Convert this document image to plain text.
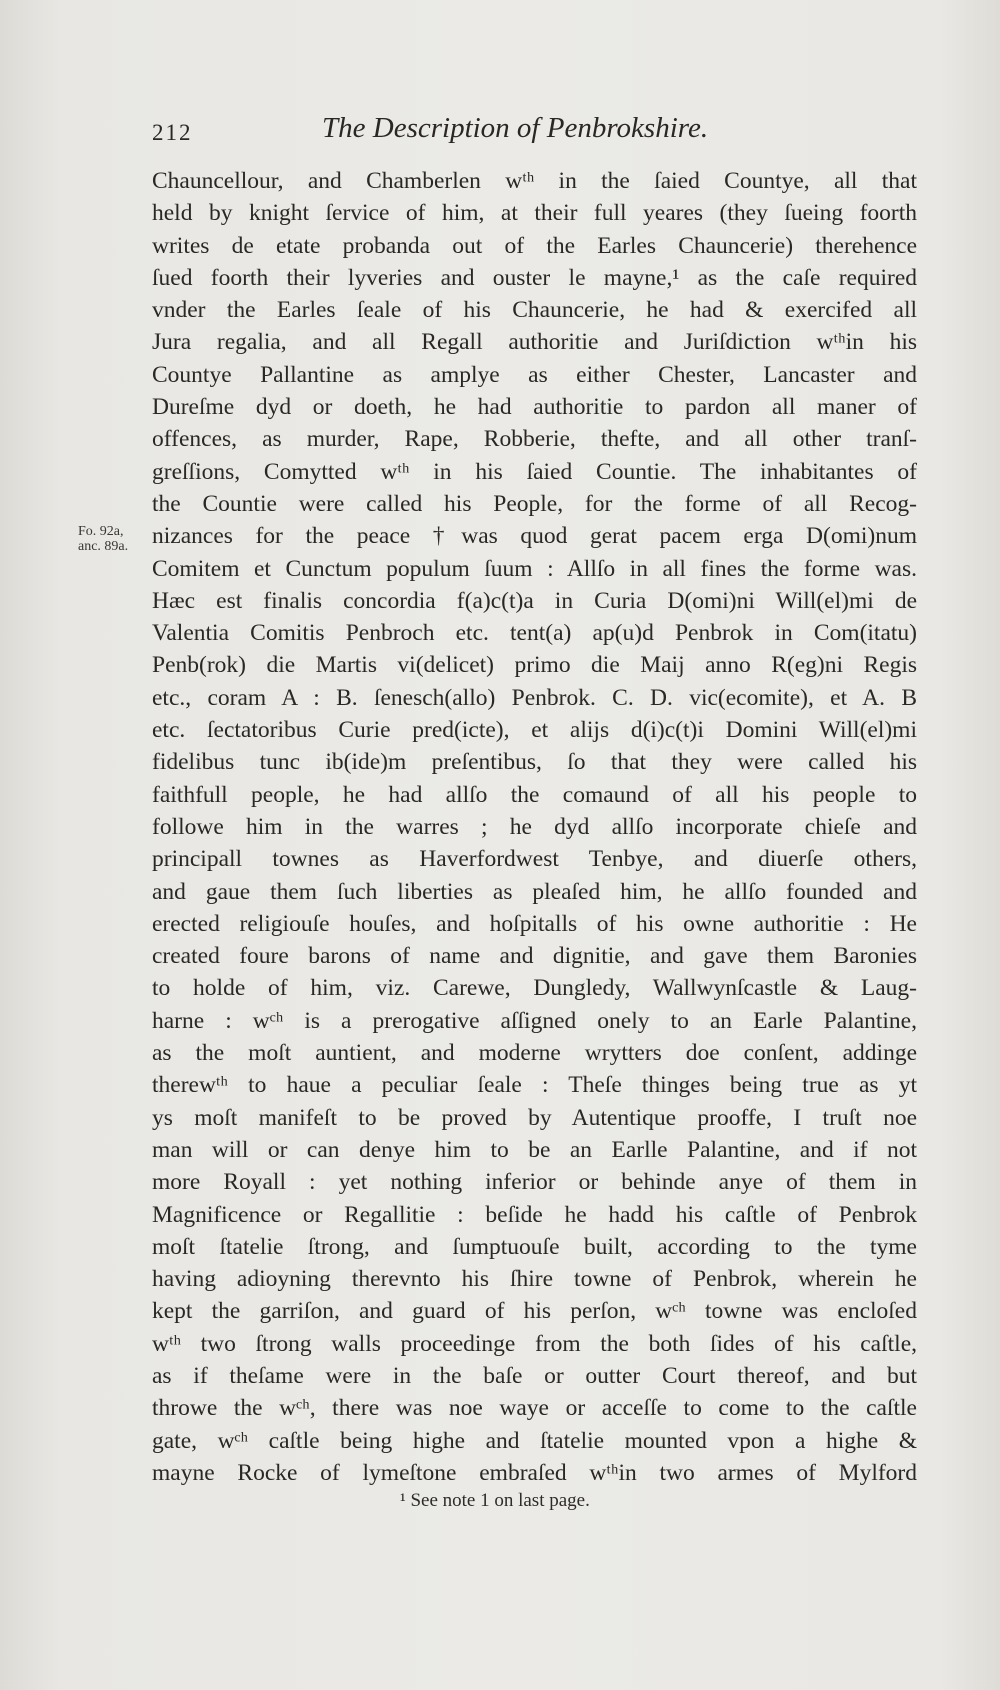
212	The Description of Penbrokshire.
Fo. 92a,
anc. 89a.
Chauncellour, and Chamberlen wᵗʰ in the ſaied Countye, all that
held by knight ſervice of him, at their full yeares (they ſueing foorth
writes de etate probanda out of the Earles Chauncerie) therehence
ſued foorth their lyveries and ouster le mayne,¹ as the caſe required
vnder the Earles ſeale of his Chauncerie, he had & exercifed all
Jura regalia, and all Regall authoritie and Juriſdiction wᵗʰin his
Countye Pallantine as amplye as either Chester, Lancaster and
Dureſme dyd or doeth, he had authoritie to pardon all maner of
offences, as murder, Rape, Robberie, thefte, and all other tranſ-
greſſions, Comytted wᵗʰ in his ſaied Countie. The inhabitantes of
the Countie were called his People, for the forme of all Recog-
nizances for the peace †was quod gerat pacem erga D(omi)num
Comitem et Cunctum populum ſuum : Allſo in all fines the forme was.
Hæc est finalis concordia f(a)c(t)a in Curia D(omi)ni Will(el)mi de
Valentia Comitis Penbroch etc. tent(a) ap(u)d Penbrok in Com(itatu)
Penb(rok) die Martis vi(delicet) primo die Maij anno R(eg)ni Regis
etc., coram A : B. ſenesch(allo) Penbrok. C. D. vic(ecomite), et A. B
etc. ſectatoribus Curie pred(icte), et alijs d(i)c(t)i Domini Will(el)mi
fidelibus tunc ib(ide)m preſentibus, ſo that they were called his
faithfull people, he had allſo the comaund of all his people to
followe him in the warres ; he dyd allſo incorporate chieſe and
principall townes as Haverfordwest Tenbye, and diuerſe others,
and gaue them ſuch liberties as pleaſed him, he allſo founded and
erected religiouſe houſes, and hoſpitalls of his owne authoritie : He
created foure barons of name and dignitie, and gave them Baronies
to holde of him, viz. Carewe, Dungledy, Wallwynſcastle & Laug-
harne : wᶜʰ is a prerogative aſſigned onely to an Earle Palantine,
as the moſt auntient, and moderne wrytters doe conſent, addinge
therewᵗʰ to haue a peculiar ſeale : Theſe thinges being true as yt
ys moſt manifeſt to be proved by Autentique prooffe, I truſt noe
man will or can denye him to be an Earlle Palantine, and if not
more Royall : yet nothing inferior or behinde anye of them in
Magnificence or Regallitie : beſide he hadd his caſtle of Penbrok
moſt ſtatelie ſtrong, and ſumptuouſe built, according to the tyme
having adioyning therevnto his ſhire towne of Penbrok, wherein he
kept the garriſon, and guard of his perſon, wᶜʰ towne was encloſed
wᵗʰ two ſtrong walls proceedinge from the both ſides of his caſtle,
as if theſame were in the baſe or outter Court thereof, and but
throwe the wᶜʰ, there was noe waye or acceſſe to come to the caſtle
gate, wᶜʰ caſtle being highe and ſtatelie mounted vpon a highe &
mayne Rocke of lymeſtone embraſed wᵗʰin two armes of Mylford
¹ See note 1 on last page.
